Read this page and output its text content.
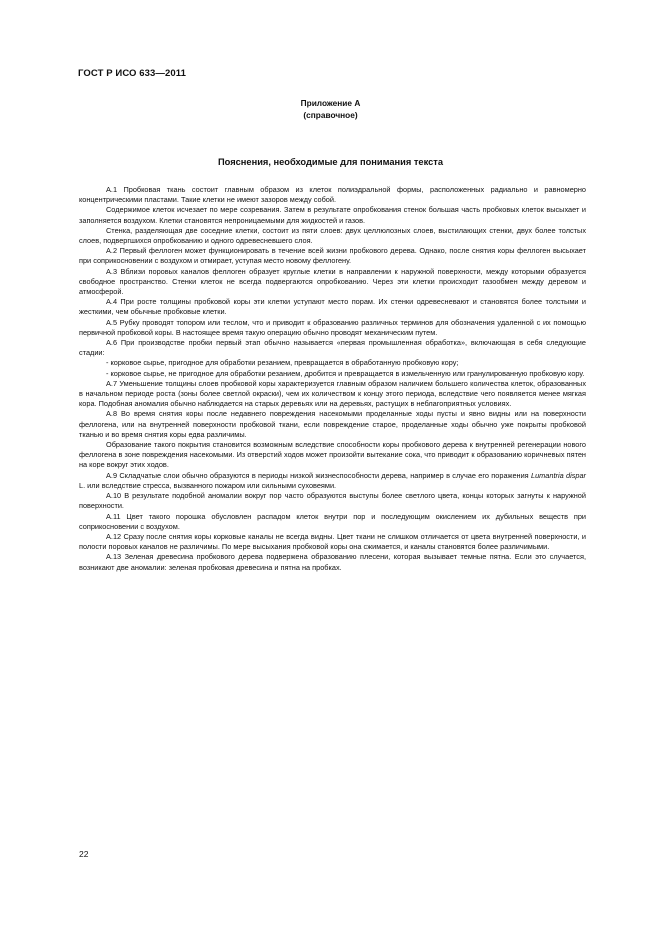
ГОСТ Р ИСО 633—2011
Приложение А
(справочное)
Пояснения, необходимые для понимания текста

А.1 Пробковая ткань состоит главным образом из клеток полиэдральной формы, расположенных радиально и равномерно концентрическими пластами. Такие клетки не имеют зазоров между собой.

Содержимое клеток исчезает по мере созревания. Затем в результате опробкования стенок большая часть пробковых клеток высыхает и заполняется воздухом. Клетки становятся непроницаемыми для жидкостей и газов.

Стенка, разделяющая две соседние клетки, состоит из пяти слоев: двух целлюлозных слоев, выстилающих стенки, двух более толстых слоев, подвергшихся опробкованию и одного одревесневшего слоя.

А.2 Первый феллоген может функционировать в течение всей жизни пробкового дерева. Однако, после снятия коры феллоген высыхает при соприкосновении с воздухом и отмирает, уступая место новому феллогену.

А.3 Вблизи поровых каналов феллоген образует круглые клетки в направлении к наружной поверхности, между которыми образуется свободное пространство. Стенки клеток не всегда подвергаются опробкованию. Через эти клетки происходит газообмен между деревом и атмосферой.

А.4 При росте толщины пробковой коры эти клетки уступают место порам. Их стенки одревесневают и становятся более толстыми и жесткими, чем обычные пробковые клетки.

А.5 Рубку проводят топором или теслом, что и приводит к образованию различных терминов для обозначения удаленной с их помощью первичной пробковой коры. В настоящее время такую операцию обычно проводят механическим путем.

А.6 При производстве пробки первый этап обычно называется «первая промышленная обработка», включающая в себя следующие стадии:

- корковое сырье, пригодное для обработки резанием, превращается в обработанную пробковую кору;

- корковое сырье, не пригодное для обработки резанием, дробится и превращается в измельченную или гранулированную пробковую кору.

А.7 Уменьшение толщины слоев пробковой коры характеризуется главным образом наличием большего количества клеток, образованных в начальном периоде роста (зоны более светлой окраски), чем их количеством к концу этого периода, вследствие чего появляется менее мягкая кора. Подобная аномалия обычно наблюдается на старых деревьях или на деревьях, растущих в неблагоприятных условиях.

А.8 Во время снятия коры после недавнего повреждения насекомыми проделанные ходы пусты и явно видны или на поверхности феллогена, или на внутренней поверхности пробковой ткани, если повреждение старое, проделанные ходы обычно уже покрыты пробковой тканью и во время снятия коры едва различимы.

Образование такого покрытия становится возможным вследствие способности коры пробкового дерева к внутренней регенерации нового феллогена в зоне повреждения насекомыми. Из отверстий ходов может произойти вытекание сока, что приводит к образованию коричневых пятен на коре вокруг этих ходов.

А.9 Складчатые слои обычно образуются в периоды низкой жизнеспособности дерева, например в случае его поражения Lumantria dispar L. или вследствие стресса, вызванного пожаром или сильными суховеями.

А.10 В результате подобной аномалии вокруг пор часто образуются выступы более светлого цвета, концы которых загнуты к наружной поверхности.

А.11 Цвет такого порошка обусловлен распадом клеток внутри пор и последующим окислением их дубильных веществ при соприкосновении с воздухом.

А.12 Сразу после снятия коры корковые каналы не всегда видны. Цвет ткани не слишком отличается от цвета внутренней поверхности, и полости поровых каналов не различимы. По мере высыхания пробковой коры она сжимается, и каналы становятся более различимыми.

А.13 Зеленая древесина пробкового дерева подвержена образованию плесени, которая вызывает темные пятна. Если это случается, возникают две аномалии: зеленая пробковая древесина и пятна на пробках.

22
